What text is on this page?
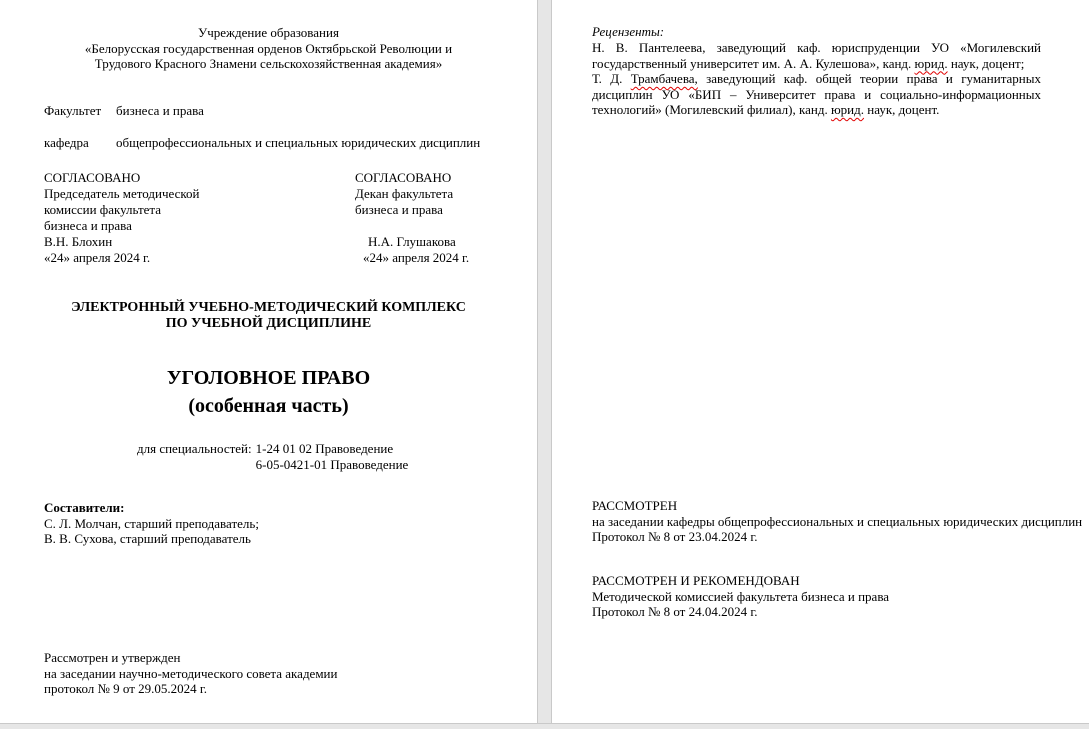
Учреждение образования
«Белорусская государственная орденов Октябрьской Революции и
Трудового Красного Знамени сельскохозяйственная академия»
Факультет бизнеса и права
кафедра общепрофессиональных и специальных юридических дисциплин
СОГЛАСОВАНО
Председатель методической
комиссии факультета
бизнеса и права
В.Н. Блохин
«24» апреля 2024 г.
СОГЛАСОВАНО
Декан факультета
бизнеса и права
Н.А. Глушакова
«24» апреля 2024 г.
ЭЛЕКТРОННЫЙ УЧЕБНО-МЕТОДИЧЕСКИЙ КОМПЛЕКС
ПО УЧЕБНОЙ ДИСЦИПЛИНЕ
УГОЛОВНОЕ ПРАВО
(особенная часть)
для специальностей: 1-24 01 02 Правоведение
6-05-0421-01 Правоведение
Составители:
С. Л. Молчан, старший преподаватель;
В. В. Сухова, старший преподаватель
Рассмотрен и утвержден
на заседании научно-методического совета академии
протокол № 9 от 29.05.2024 г.
Рецензенты:
Н. В. Пантелеева, заведующий каф. юриспруденции УО «Могилевский
государственный университет им. А. А. Кулешова», канд. юрид. наук, доцент;
Т. Д. Трамбачева, заведующий каф. общей теории права и гуманитарных
дисциплин УО «БИП – Университет права и социально-информационных
технологий» (Могилевский филиал), канд. юрид. наук, доцент.
РАССМОТРЕН
на заседании кафедры общепрофессиональных и специальных юридических дисциплин
Протокол № 8 от 23.04.2024 г.
РАССМОТРЕН И РЕКОМЕНДОВАН
Методической комиссией факультета бизнеса и права
Протокол № 8 от 24.04.2024 г.
